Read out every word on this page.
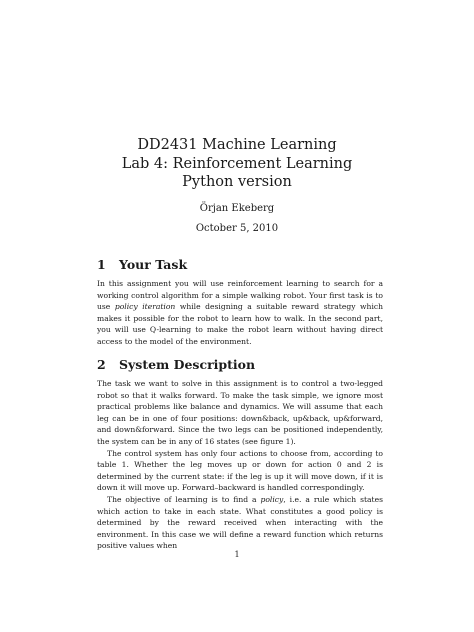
DD2431 Machine Learning
Lab 4: Reinforcement Learning
Python version
Örjan Ekeberg
October 5, 2010
1 Your Task

In this assignment you will use reinforcement learning to search for a working control algorithm for a simple walking robot. Your first task is to use policy iteration while designing a suitable reward strategy which makes it possible for the robot to learn how to walk. In the second part, you will use Q-learning to make the robot learn without having direct access to the model of the environment.

2 System Description

The task we want to solve in this assignment is to control a two-legged robot so that it walks forward. To make the task simple, we ignore most practical problems like balance and dynamics. We will assume that each leg can be in one of four positions: down&back, up&back, up&forward, and down&forward. Since the two legs can be positioned independently, the system can be in any of 16 states (see figure 1).

The control system has only four actions to choose from, according to table 1. Whether the leg moves up or down for action 0 and 2 is determined by the current state: if the leg is up it will move down, if it is down it will move up. Forward–backward is handled correspondingly.

The objective of learning is to find a policy, i.e. a rule which states which action to take in each state. What constitutes a good policy is determined by the reward received when interacting with the environment. In this case we will define a reward function which returns positive values when

1
